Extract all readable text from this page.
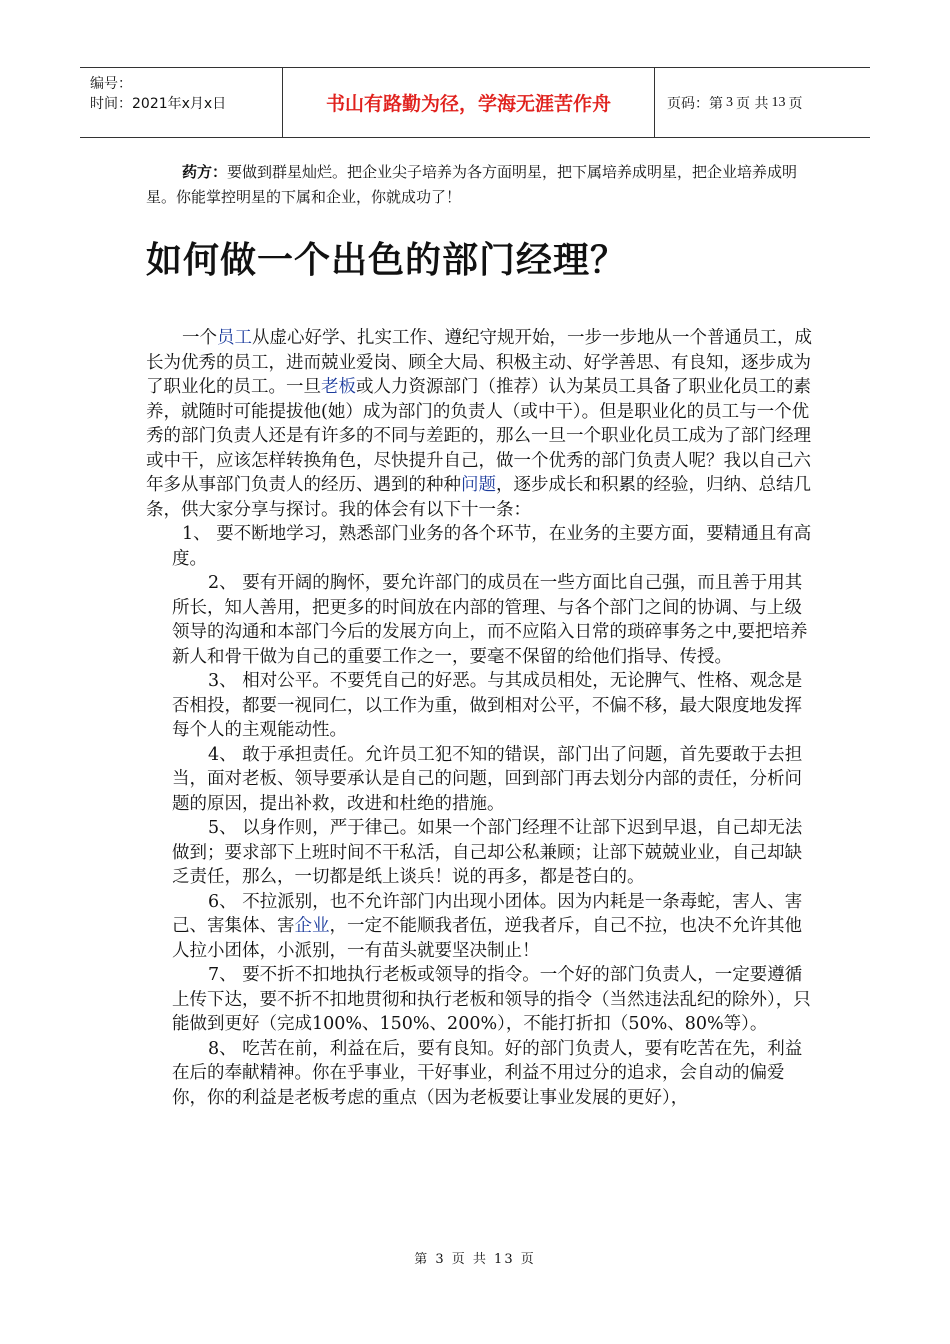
编号：
时间：2021年x月x日	书山有路勤为径，学海无涯苦作舟	页码：第 3 页 共 13 页
药方：要做到群星灿烂。把企业尖子培养为各方面明星，把下属培养成明星，把企业培养成明星。你能掌控明星的下属和企业，你就成功了！
如何做一个出色的部门经理？

一个员工从虚心好学、扎实工作、遵纪守规开始，一步一步地从一个普通员工，成长为优秀的员工，进而兢业爱岗、顾全大局、积极主动、好学善思、有良知，逐步成为了职业化的员工。一旦老板或人力资源部门（推荐）认为某员工具备了职业化员工的素养，就随时可能提拔他(她）成为部门的负责人（或中干）。但是职业化的员工与一个优秀的部门负责人还是有许多的不同与差距的，那么一旦一个职业化员工成为了部门经理或中干，应该怎样转换角色，尽快提升自己，做一个优秀的部门负责人呢？我以自己六年多从事部门负责人的经历、遇到的种种问题，逐步成长和积累的经验，归纳、总结几条，供大家分享与探讨。我的体会有以下十一条：

1、 要不断地学习，熟悉部门业务的各个环节，在业务的主要方面，要精通且有高度。

2、 要有开阔的胸怀，要允许部门的成员在一些方面比自己强，而且善于用其所长，知人善用，把更多的时间放在内部的管理、与各个部门之间的协调、与上级领导的沟通和本部门今后的发展方向上，而不应陷入日常的琐碎事务之中,要把培养新人和骨干做为自己的重要工作之一，要毫不保留的给他们指导、传授。

3、 相对公平。不要凭自己的好恶。与其成员相处，无论脾气、性格、观念是否相投，都要一视同仁，以工作为重，做到相对公平，不偏不移，最大限度地发挥每个人的主观能动性。

4、 敢于承担责任。允许员工犯不知的错误，部门出了问题，首先要敢于去担当，面对老板、领导要承认是自己的问题，回到部门再去划分内部的责任，分析问题的原因，提出补救，改进和杜绝的措施。

5、 以身作则，严于律己。如果一个部门经理不让部下迟到早退，自己却无法做到；要求部下上班时间不干私活，自己却公私兼顾；让部下兢兢业业，自己却缺乏责任，那么，一切都是纸上谈兵！说的再多，都是苍白的。

6、 不拉派别，也不允许部门内出现小团体。因为内耗是一条毒蛇，害人、害己、害集体、害企业，一定不能顺我者伍，逆我者斥，自己不拉，也决不允许其他人拉小团体，小派别，一有苗头就要坚决制止！

7、 要不折不扣地执行老板或领导的指令。一个好的部门负责人，一定要遵循上传下达，要不折不扣地贯彻和执行老板和领导的指令（当然违法乱纪的除外），只能做到更好（完成100%、150%、200%），不能打折扣（50%、80%等）。

8、 吃苦在前，利益在后，要有良知。好的部门负责人，要有吃苦在先，利益在后的奉献精神。你在乎事业，干好事业，利益不用过分的追求，会自动的偏爱你，你的利益是老板考虑的重点（因为老板要让事业发展的更好），

第 3 页 共 13 页
